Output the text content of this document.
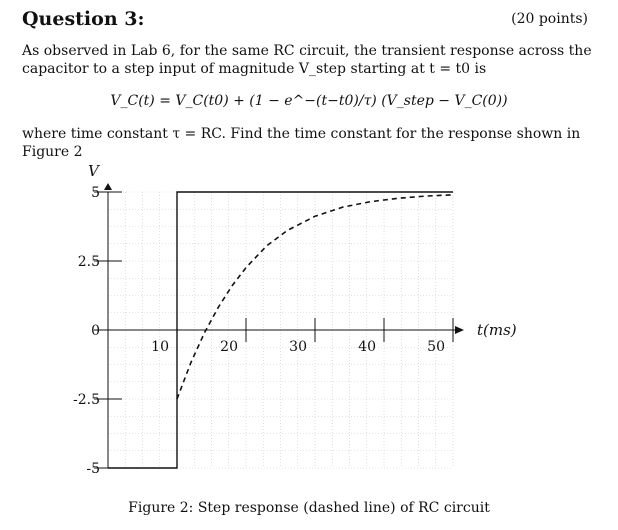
Question 3:	(20 points)
As observed in Lab 6, for the same RC circuit, the transient response across the capacitor to a step input of magnitude V_step starting at t = t0 is
V_C(t) = V_C(t0) + (1 − e^−(t−t0)/τ) (V_step − V_C(0))
where time constant τ = RC. Find the time constant for the response shown in Figure 2
10	20	30	40	50
5
2.5
0
-2.5
-5
V
t(ms)
Figure 2: Step response (dashed line) of RC circuit
